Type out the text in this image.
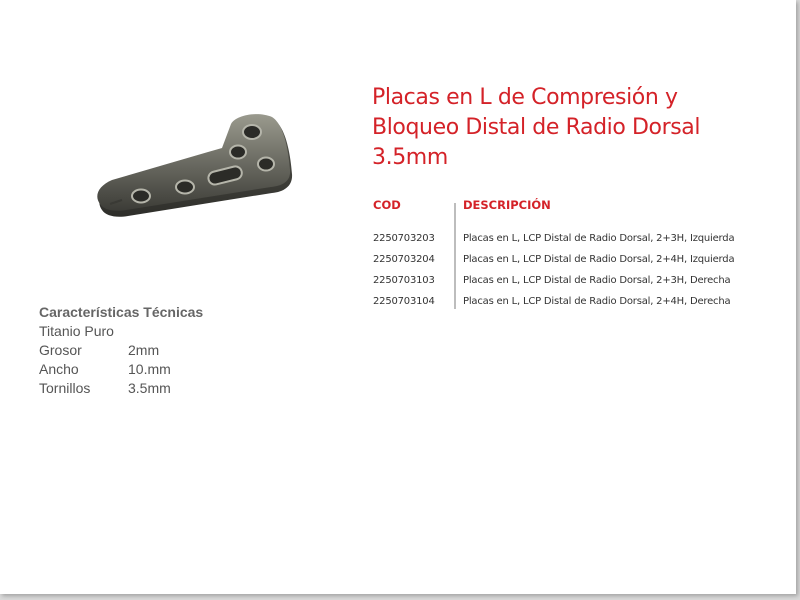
Placas en L de Compresión y
Bloqueo Distal de Radio Dorsal
3.5mm
COD	DESCRIPCIÓN
2250703203	Placas en L, LCP Distal de Radio Dorsal, 2+3H, Izquierda
2250703204	Placas en L, LCP Distal de Radio Dorsal, 2+4H, Izquierda
2250703103	Placas en L, LCP Distal de Radio Dorsal, 2+3H, Derecha
2250703104	Placas en L, LCP Distal de Radio Dorsal, 2+4H, Derecha
Características Técnicas
Titanio Puro
Grosor	2mm
Ancho	10.mm
Tornillos	3.5mm
